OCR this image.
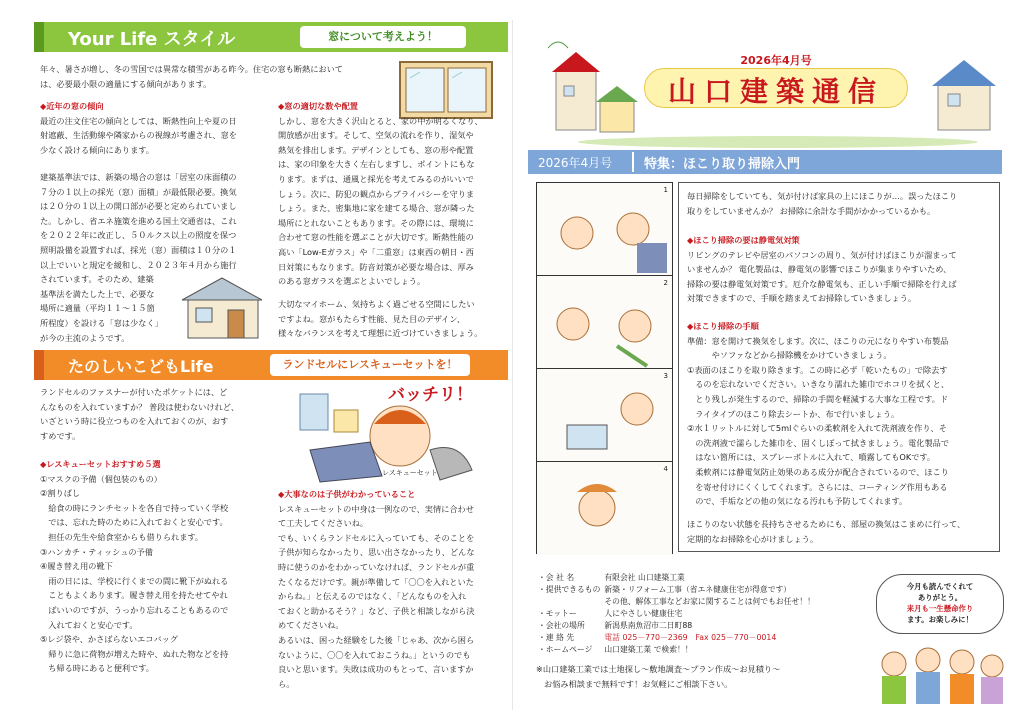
Your Life スタイル	窓について考えよう！

年々、暑さが増し、冬の雪国では異常な積雪がある昨今。住宅の窓も断熱において

は、必要最小限の適量にする傾向があります。

◆近年の窓の傾向

最近の注文住宅の傾向としては、断熱性向上や夏の日

射遮蔽、生活動線や隣家からの視線が考慮され、窓を

少なく設ける傾向にあります。

建築基準法では、新築の場合の窓は「居室の床面積の

７分の１以上の採光（窓）面積」が最低限必要。換気

は２０分の１以上の開口部が必要と定められていまし

た。しかし、省エネ施策を進める国土交通省は、これ

を２０２２年に改正し、５０ルクス以上の照度を保つ

照明設備を設置すれば、採光（窓）面積は１０分の１

以上でいいと規定を緩和し、２０２３年４月から施行

されています。そのため、建築

基準法を満たした上で、必要な

場所に適量（平均１１～１５箇

所程度）を設ける「窓は少なく」

が今の主流のようです。

◆窓の適切な数や配置

しかし、窓を大きく沢山とると、家の中が明るくなり、

開放感が出ます。そして、空気の流れを作り、湿気や

熱気を排出します。デザインとしても、窓の形や配置

は、家の印象を大きく左右しますし、ポイントにもな

ります。まずは、通風と採光を考えてみるのがいいで

しょう。次に、防犯の観点からプライバシーを守りま

しょう。また、密集地に家を建てる場合、窓が隣った

場所にとれないこともあります。その際には、環境に

合わせて窓の性能を選ぶことが大切です。断熱性能の

高い「Low-Eガラス」や「二重窓」は東西の朝日・西

日対策にもなります。防音対策が必要な場合は、厚み

のある窓ガラスを選ぶとよいでしょう。

大切なマイホーム、気持ちよく過ごせる空間にしたい

ですよね。窓がもたらす性能、見た目のデザイン、

様々なバランスを考えて理想に近づけていきましょう。

たのしいこどもLife	ランドセルにレスキューセットを！

ランドセルのファスナーが付いたポケットには、ど

んなものを入れていますか？ 普段は使わないけれど、

いざという時に役立つものを入れておくのが、おす

すめです。

◆レスキューセットおすすめ５選

①マスクの予備（個包装のもの）

②割りばし

　給食の時にランチセットを各自で持っていく学校

　では、忘れた時のために入れておくと安心です。

　担任の先生や給食室からも借りられます。

③ハンカチ・ティッシュの予備

④履き替え用の靴下

　雨の日には、学校に行くまでの間に靴下がぬれる

　こともよくあります。履き替え用を持たせてやれ

　ばいいのですが、うっかり忘れることもあるので

　入れておくと安心です。

⑤レジ袋や、かさばらないエコバッグ

　帰りに急に荷物が増えた時や、ぬれた物などを持

　ち帰る時にあると便利です。

バッチリ！
レスキューセット
◆大事なのは子供がわかっていること

レスキューセットの中身は一例なので、実情に合わせ

て工夫してくださいね。

でも、いくらランドセルに入っていても、そのことを

子供が知らなかったり、思い出さなかったり、どんな

時に使うのかをわかっていなければ、ランドセルが重

たくなるだけです。親が準備して「〇〇を入れといた

からね。」と伝えるのではなく、「どんなものを入れ

ておくと助かるそう？」など、子供と相談しながら決

めてくださいね。

あるいは、困った経験をした後「じゃあ、次から困ら

ないように、〇〇を入れておこうね。」というのでも

良いと思います。失敗は成功のもとって、言いますか

ら。

2026年4月号
山口建築通信
2026年4月号 特集：ほこり取り掃除入門
1
2
3
4

毎日掃除をしていても、気が付けば家具の上にほこりが…。誤ったほこり

取りをしていませんか？ お掃除に余計な手間がかかっているかも。

◆ほこり掃除の要は静電気対策

リビングのテレビや居室のパソコンの周り、気が付けばほこりが溜まって

いませんか？ 電化製品は、静電気の影響でほこりが集まりやすいため、

掃除の要は静電気対策です。厄介な静電気も、正しい手順で掃除を行えば

対策できますので、手順を踏まえてお掃除していきましょう。

◆ほこり掃除の手順

準備：窓を開けて換気をします。次に、ほこりの元になりやすい布製品

　　　やソファなどから掃除機をかけていきましょう。

①表面のほこりを取り除きます。この時に必ず「乾いたもの」で除去す

　るのを忘れないでください。いきなり濡れた雑巾でホコリを拭くと、

　とり残しが発生するので、掃除の手間を軽減する大事な工程です。ド

　ライタイプのほこり除去シートか、布で行いましょう。

②水１リットルに対して5mlぐらいの柔軟剤を入れて洗剤液を作り、そ

　の洗剤液で濡らした雑巾を、固くしぼって拭きましょう。電化製品で

　はない箇所には、スプレーボトルに入れて、噴霧してもOKです。

　柔軟剤には静電気防止効果のある成分が配合されているので、ほこり

　を寄せ付けにくくしてくれます。さらには、コーティング作用もある

　ので、手垢などの他の気になる汚れも予防してくれます。

ほこりのない状態を長持ちさせるためにも、部屋の換気はこまめに行って、

定期的なお掃除を心がけましょう。

・会 社 名	有限会社 山口建築工業
・提供できるもの	新築・リフォーム工事（省エネ健康住宅が得意です）
	その他、解体工事などお家に関することは何でもお任せ！！
・モットー	人にやさしい健康住宅
・会社の場所	新潟県南魚沼市二日町88
・連 絡 先	電話 025－770－2369　Fax 025－770－0014
・ホームページ	山口建築工業 で検索！！

※山口建築工業では土地探し～敷地調査～プラン作成～お見積り～

お悩み相談まで無料です！お気軽にご相談下さい。

今月も読んでくれて

ありがとう。

来月も一生懸命作り

ます。お楽しみに！
